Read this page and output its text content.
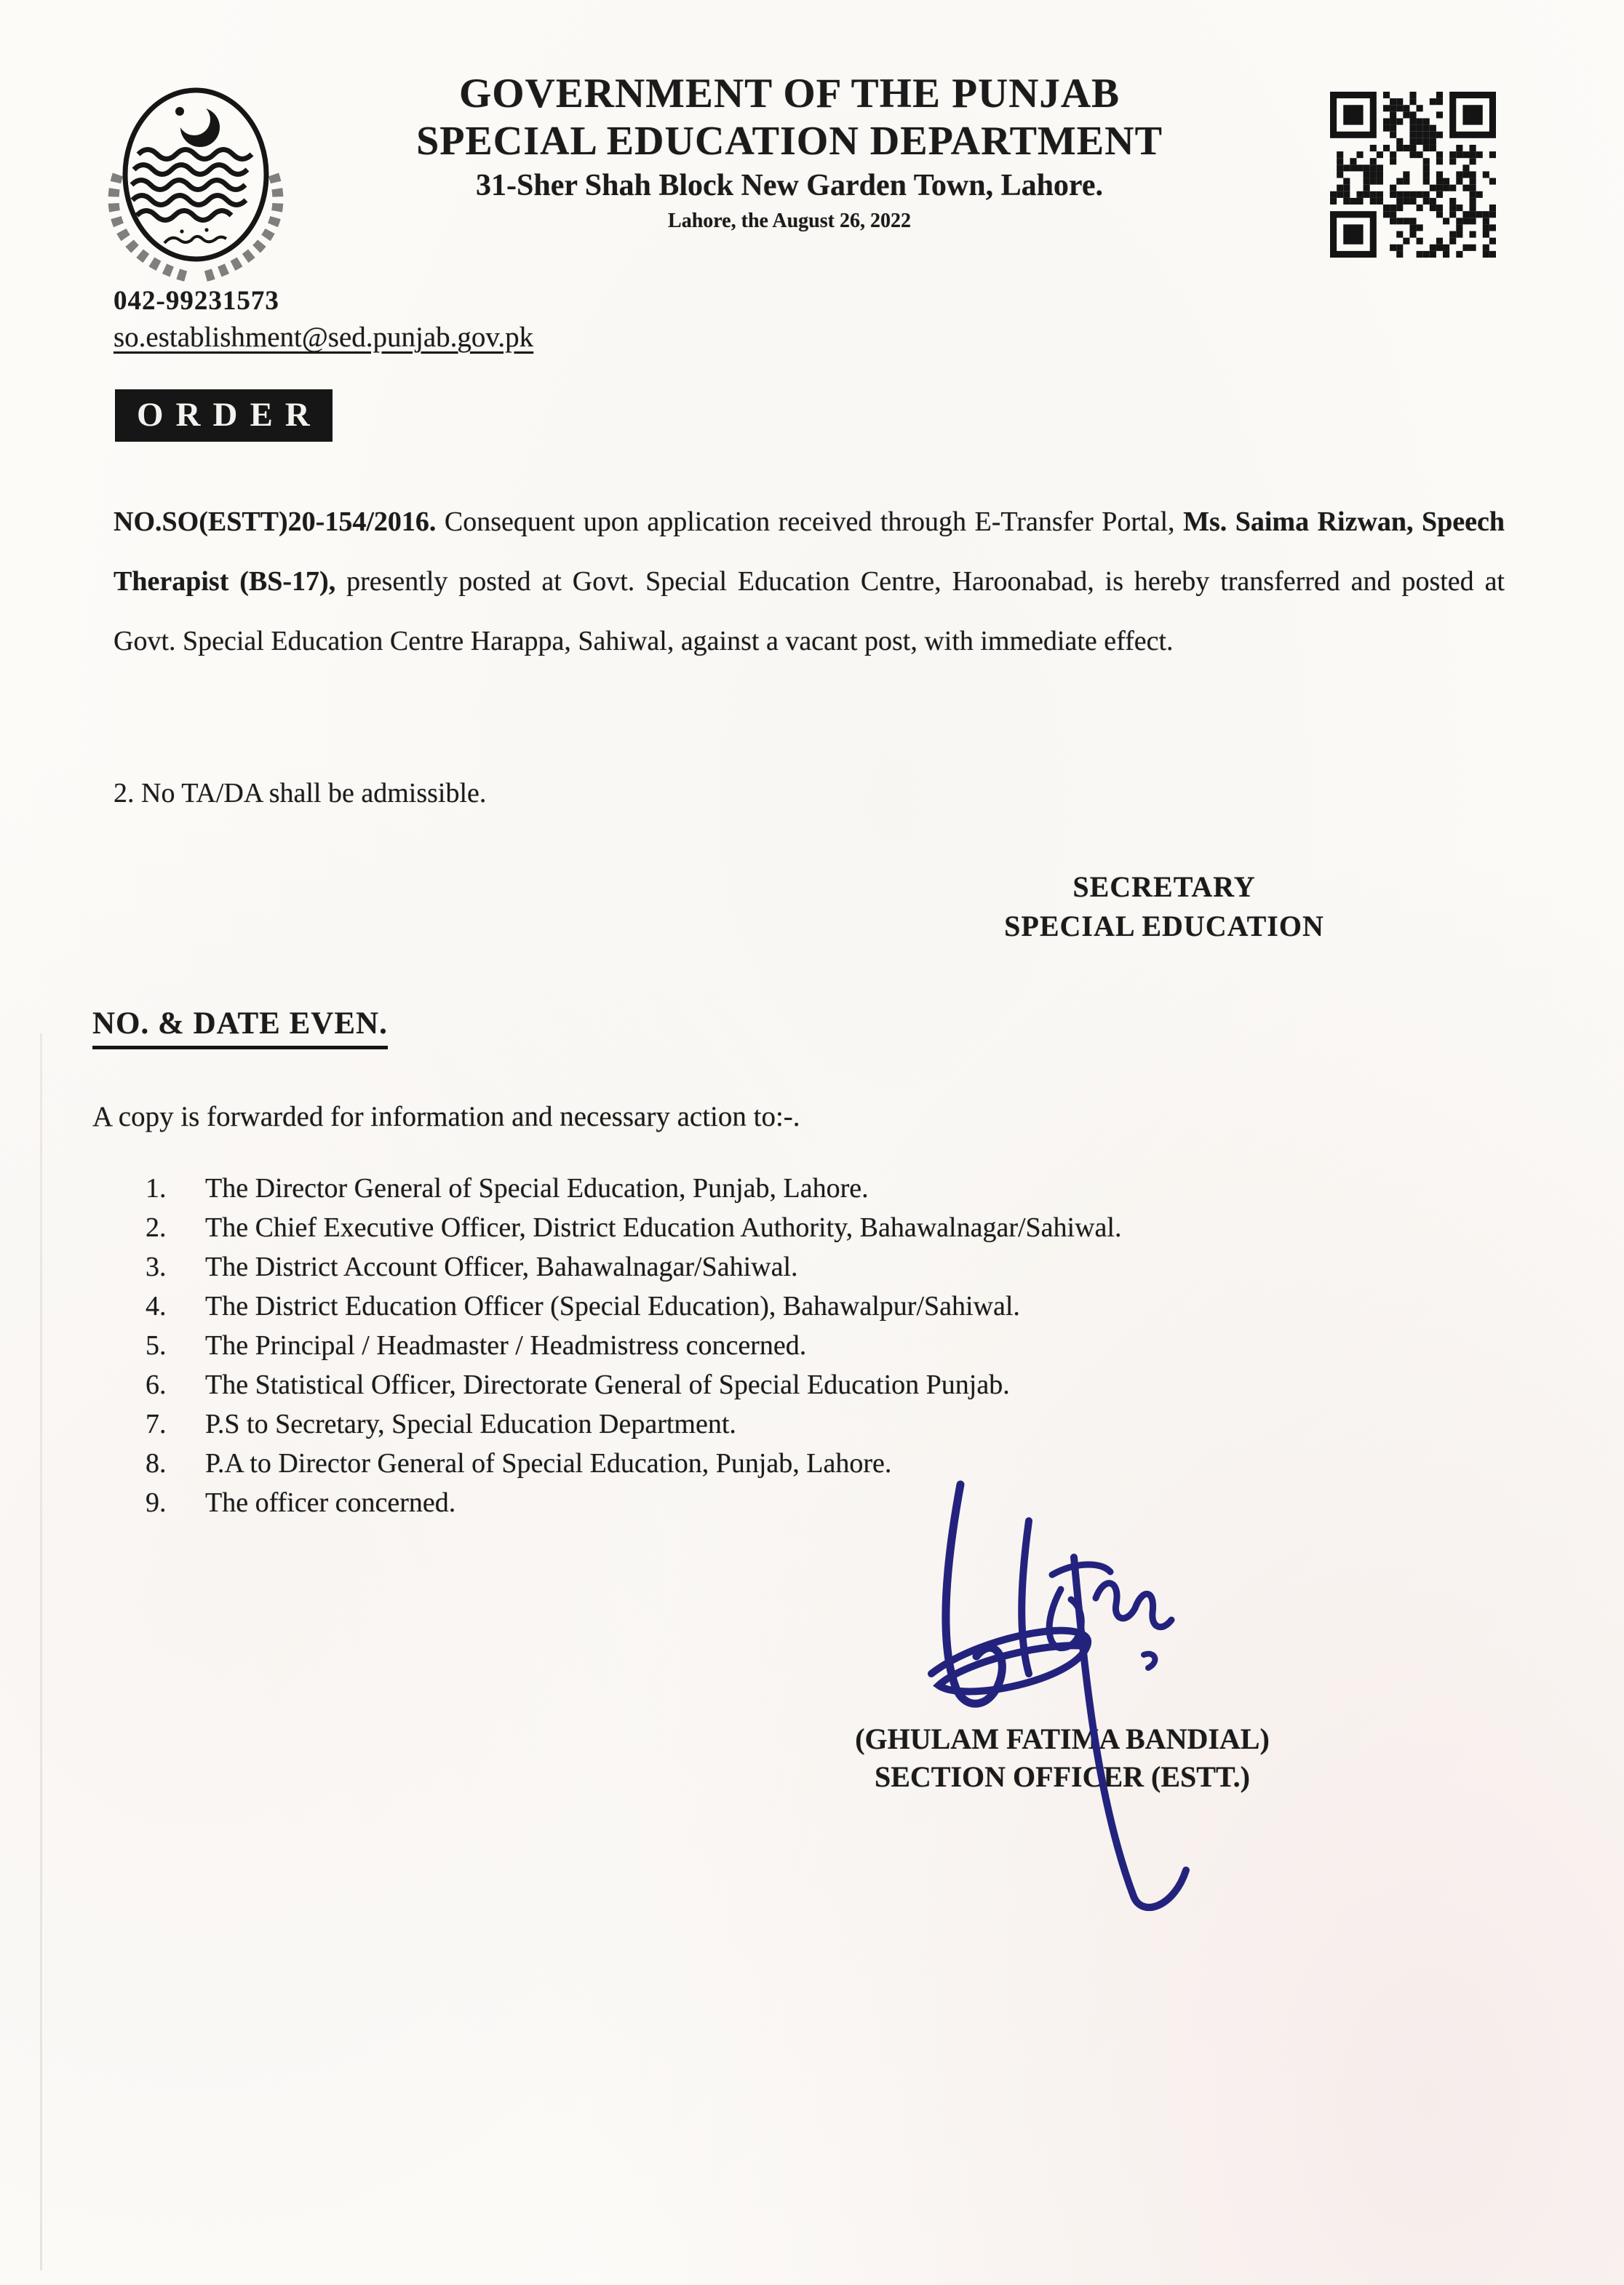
GOVERNMENT OF THE PUNJAB
SPECIAL EDUCATION DEPARTMENT
31-Sher Shah Block New Garden Town, Lahore.
Lahore, the August 26, 2022
042-99231573
so.establishment@sed.punjab.gov.pk
ORDER
NO.SO(ESTT)20-154/2016. Consequent upon application received through E-Transfer Portal, Ms. Saima Rizwan, Speech Therapist (BS-17), presently posted at Govt. Special Education Centre, Haroonabad, is hereby transferred and posted at Govt. Special Education Centre Harappa, Sahiwal, against a vacant post, with immediate effect.
2. No TA/DA shall be admissible.
SECRETARY
SPECIAL EDUCATION
NO. & DATE EVEN.
A copy is forwarded for information and necessary action to:-.
1.	The Director General of Special Education, Punjab, Lahore.
2.	The Chief Executive Officer, District Education Authority, Bahawalnagar/Sahiwal.
3.	The District Account Officer, Bahawalnagar/Sahiwal.
4.	The District Education Officer (Special Education), Bahawalpur/Sahiwal.
5.	The Principal / Headmaster / Headmistress concerned.
6.	The Statistical Officer, Directorate General of Special Education Punjab.
7.	P.S to Secretary, Special Education Department.
8.	P.A to Director General of Special Education, Punjab, Lahore.
9.	The officer concerned.
(GHULAM FATIMA BANDIAL)
SECTION OFFICER (ESTT.)
